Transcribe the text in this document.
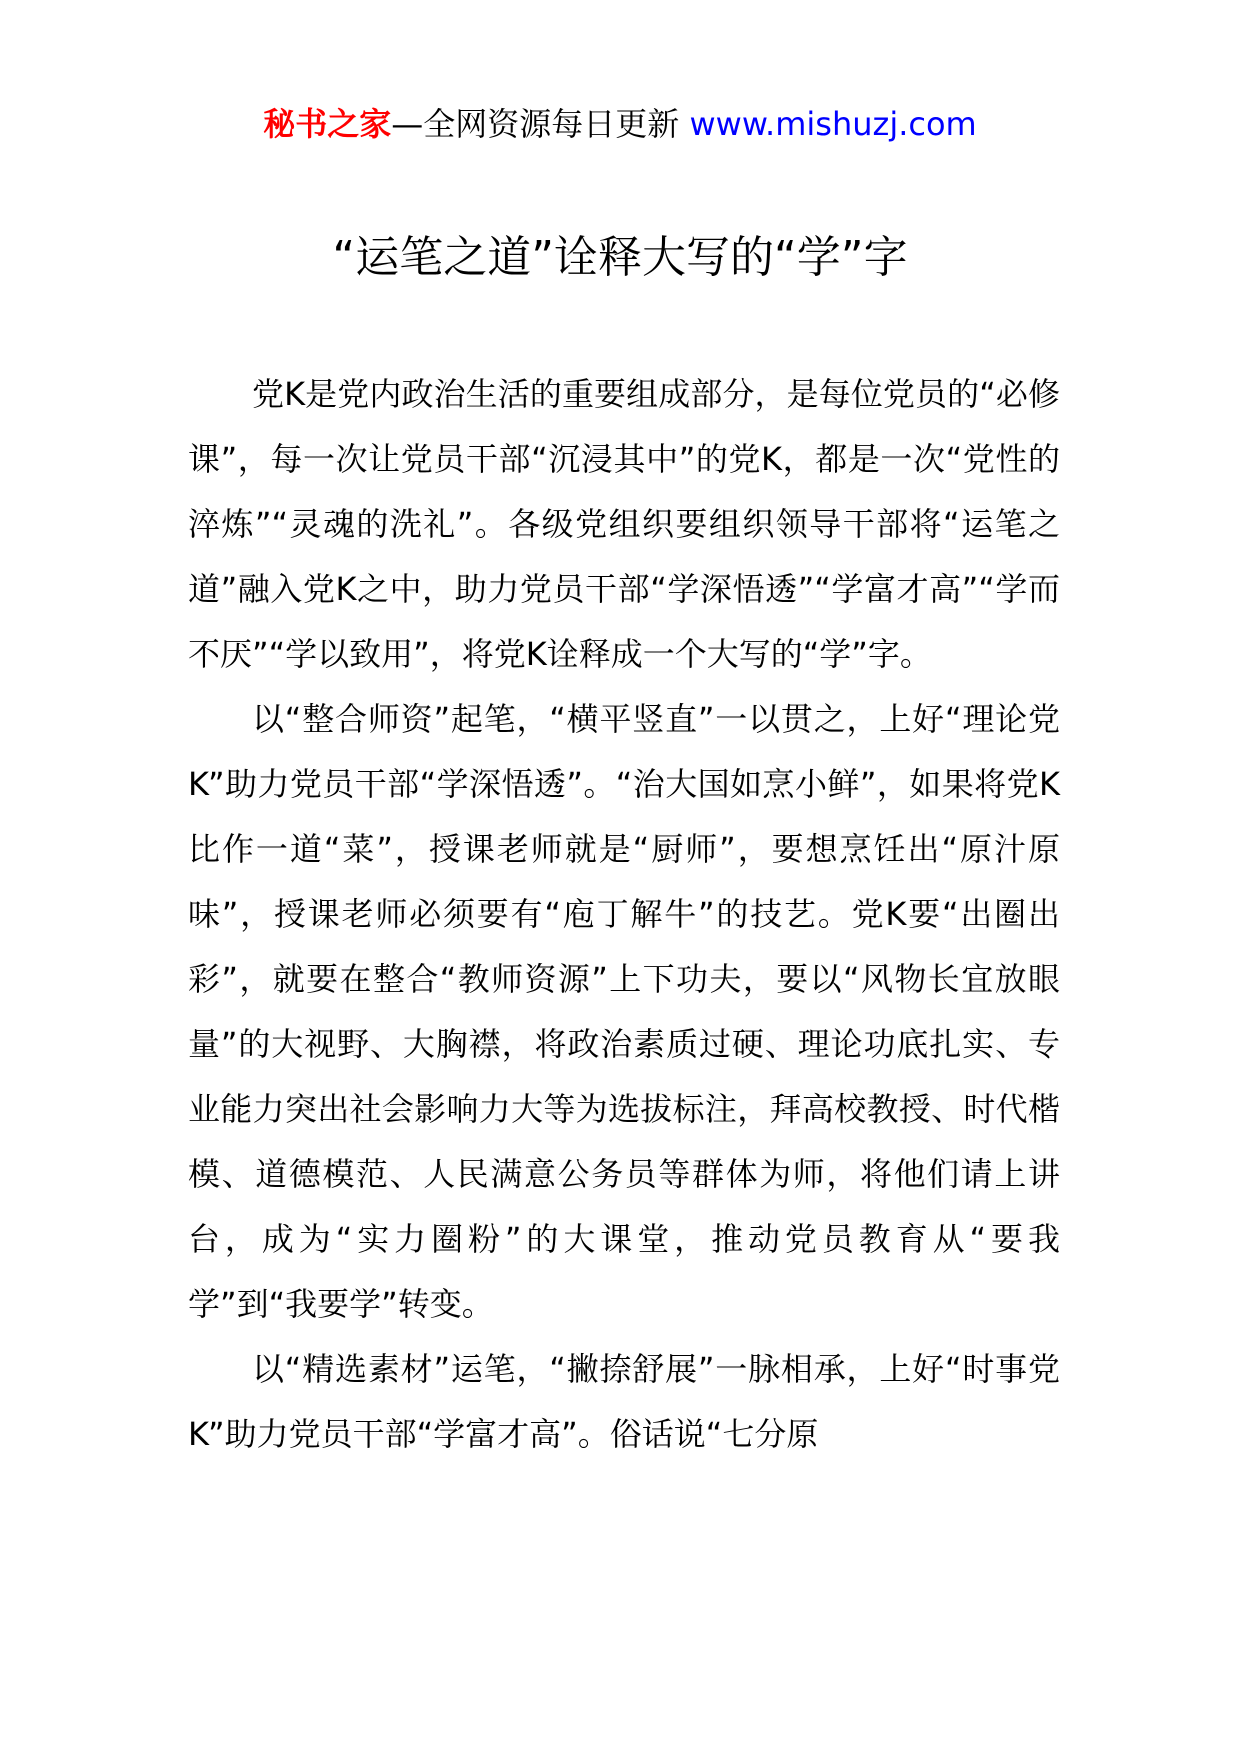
秘书之家—全网资源每日更新 www.mishuzj.com
“运笔之道”诠释大写的“学”字

党K是党内政治生活的重要组成部分，是每位党员的“必修课”，每一次让党员干部“沉浸其中”的党K，都是一次“党性的淬炼”“灵魂的洗礼”。各级党组织要组织领导干部将“运笔之道”融入党K之中，助力党员干部“学深悟透”“学富才高”“学而不厌”“学以致用”，将党K诠释成一个大写的“学”字。

以“整合师资”起笔，“横平竖直”一以贯之，上好“理论党K”助力党员干部“学深悟透”。“治大国如烹小鲜”，如果将党K比作一道“菜”，授课老师就是“厨师”，要想烹饪出“原汁原味”，授课老师必须要有“庖丁解牛”的技艺。党K要“出圈出彩”，就要在整合“教师资源”上下功夫，要以“风物长宜放眼量”的大视野、大胸襟，将政治素质过硬、理论功底扎实、专业能力突出社会影响力大等为选拔标注，拜高校教授、时代楷模、道德模范、人民满意公务员等群体为师，将他们请上讲台，成为“实力圈粉”的大课堂，推动党员教育从“要我学”到“我要学”转变。

以“精选素材”运笔，“撇捺舒展”一脉相承，上好“时事党K”助力党员干部“学富才高”。俗话说“七分原
